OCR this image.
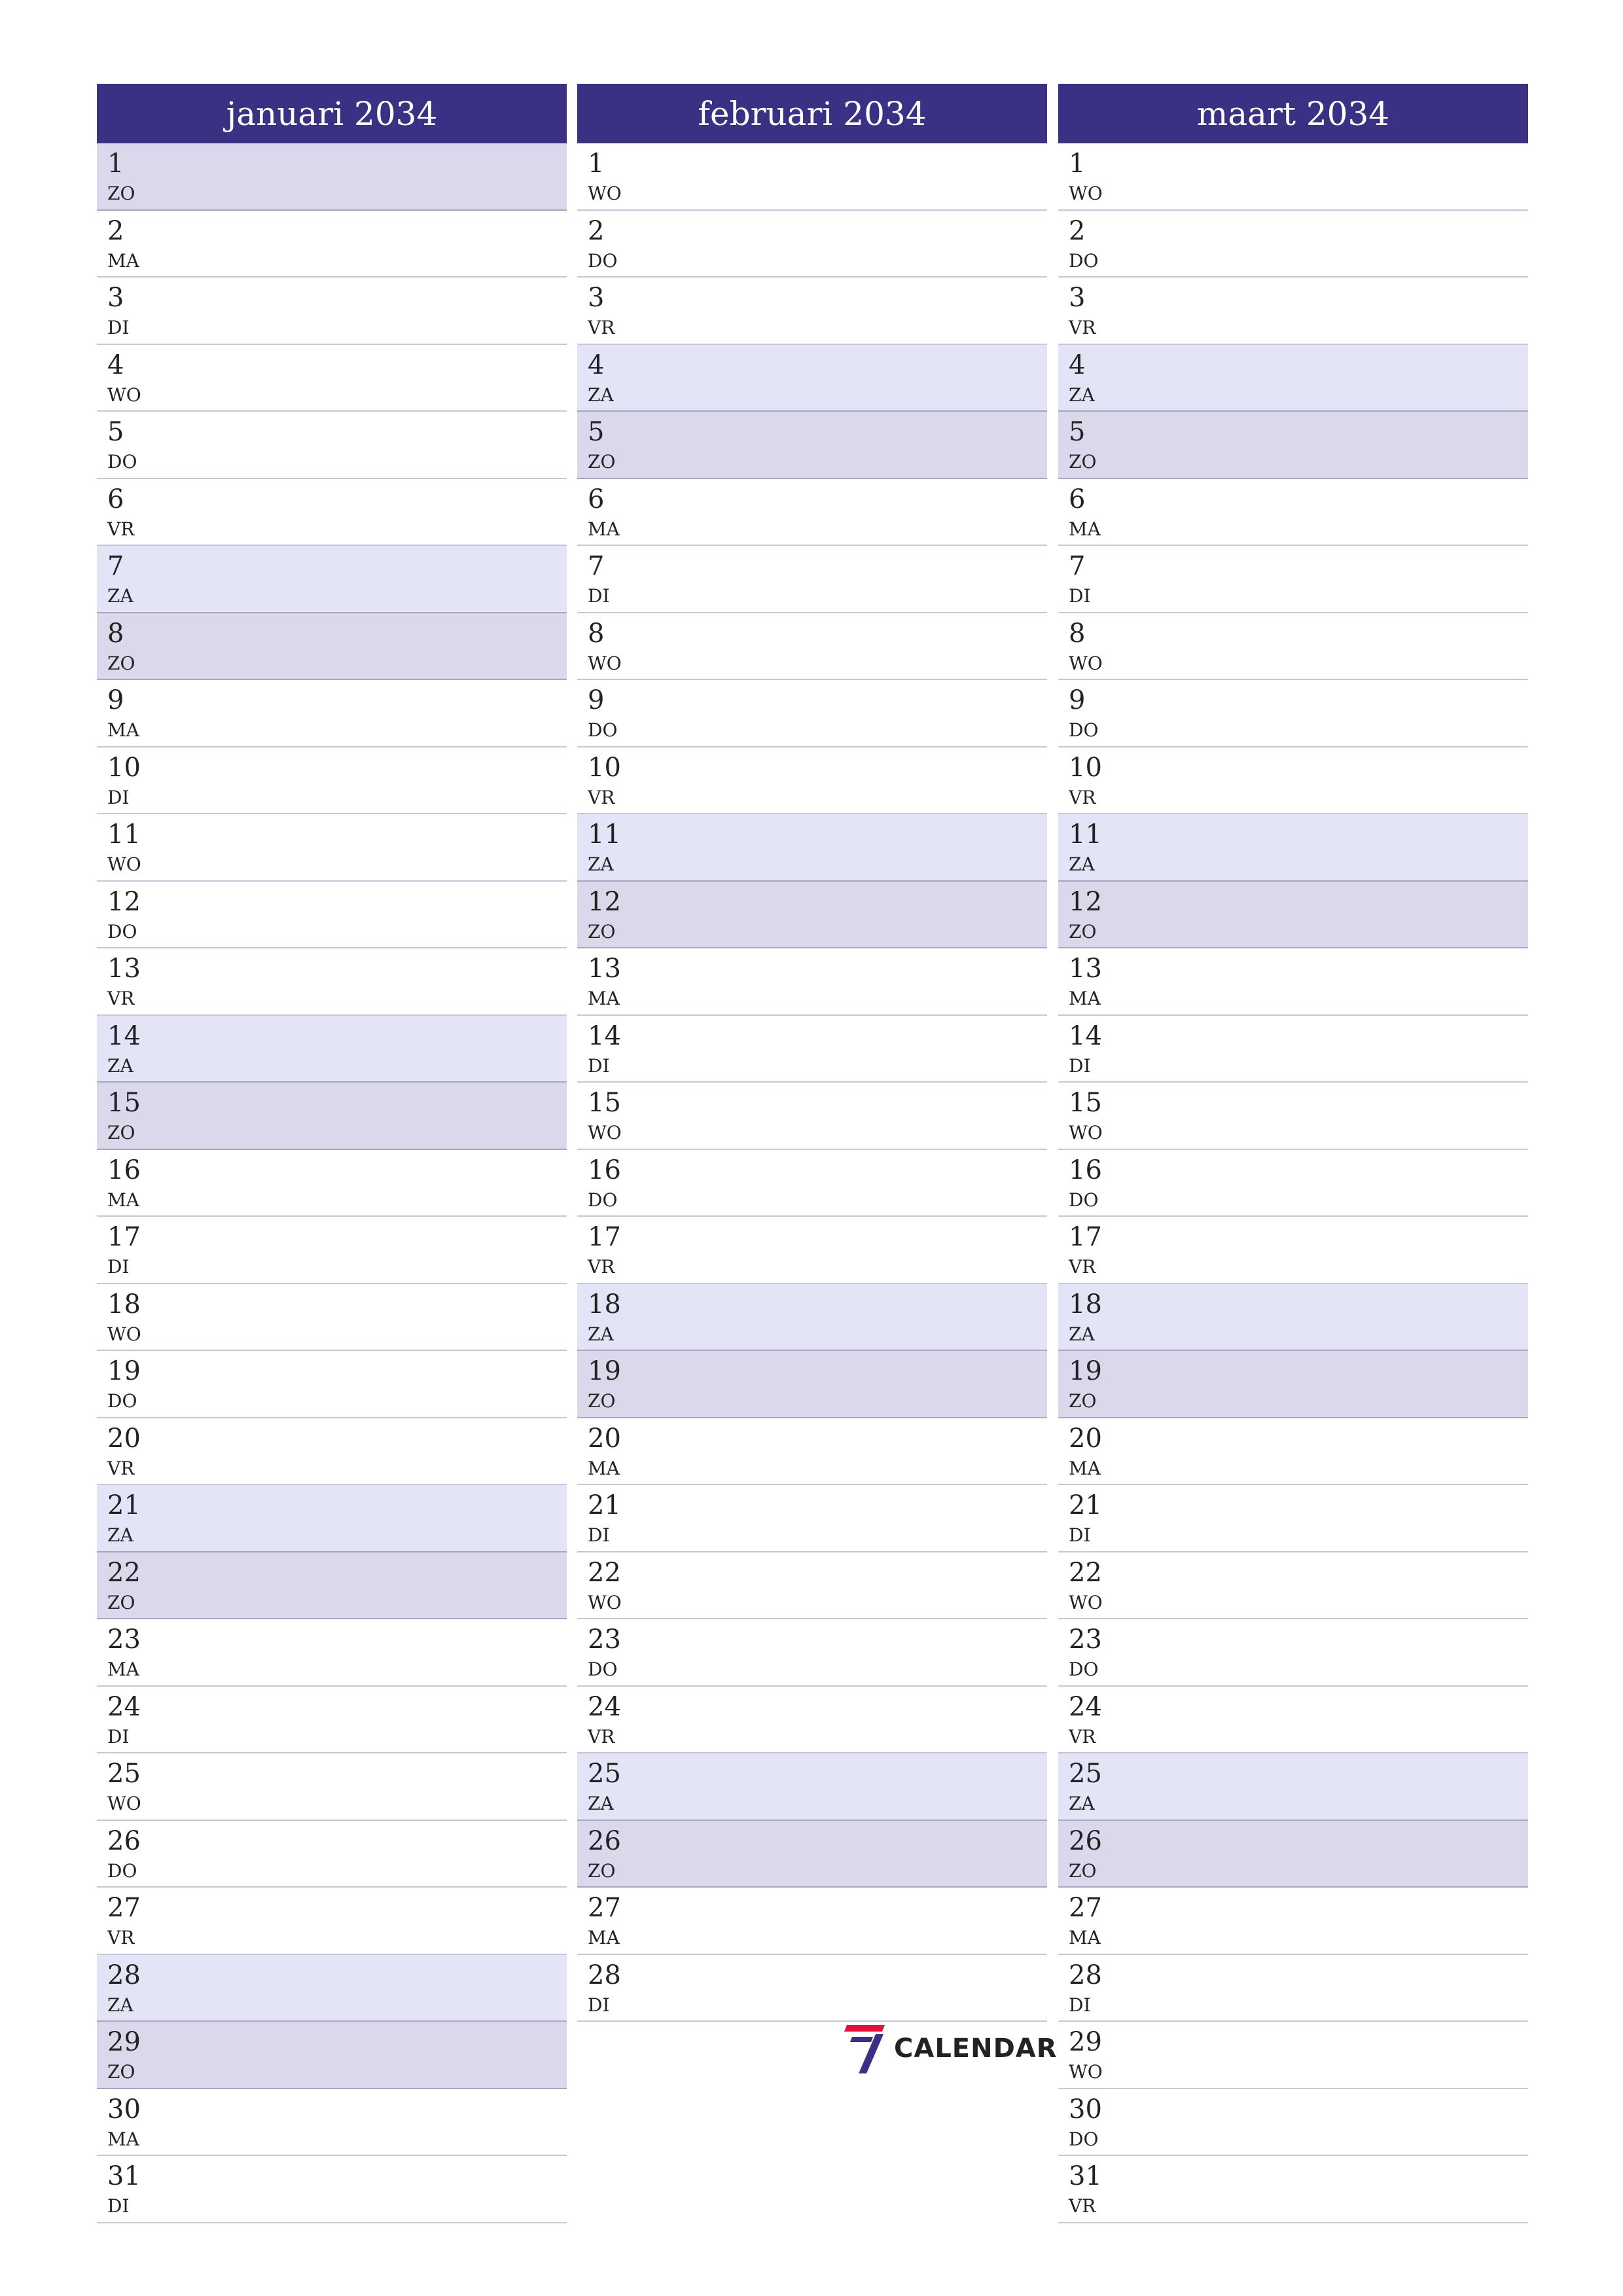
januari 2034
1
ZO
2
MA
3
DI
4
WO
5
DO
6
VR
7
ZA
8
ZO
9
MA
10
DI
11
WO
12
DO
13
VR
14
ZA
15
ZO
16
MA
17
DI
18
WO
19
DO
20
VR
21
ZA
22
ZO
23
MA
24
DI
25
WO
26
DO
27
VR
28
ZA
29
ZO
30
MA
31
DI
februari 2034
1
WO
2
DO
3
VR
4
ZA
5
ZO
6
MA
7
DI
8
WO
9
DO
10
VR
11
ZA
12
ZO
13
MA
14
DI
15
WO
16
DO
17
VR
18
ZA
19
ZO
20
MA
21
DI
22
WO
23
DO
24
VR
25
ZA
26
ZO
27
MA
28
DI
maart 2034
1
WO
2
DO
3
VR
4
ZA
5
ZO
6
MA
7
DI
8
WO
9
DO
10
VR
11
ZA
12
ZO
13
MA
14
DI
15
WO
16
DO
17
VR
18
ZA
19
ZO
20
MA
21
DI
22
WO
23
DO
24
VR
25
ZA
26
ZO
27
MA
28
DI
29
WO
30
DO
31
VR
CALENDAR
